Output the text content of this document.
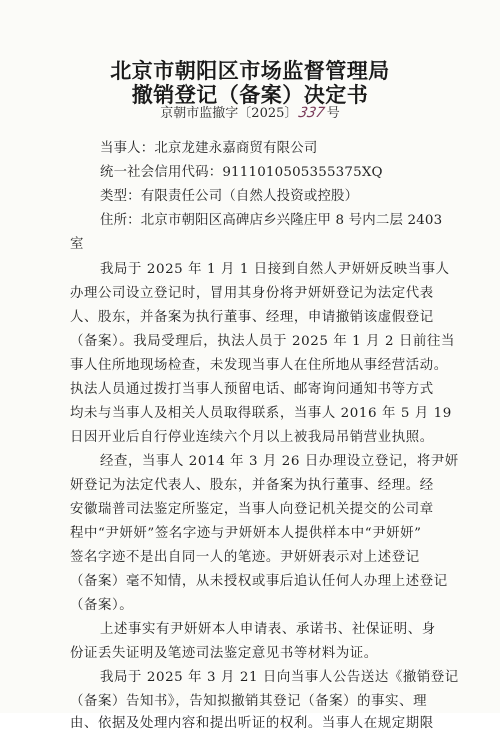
北京市朝阳区市场监督管理局
撤销登记（备案）决定书
京朝市监撤字〔2025〕337号
当事人：北京龙建永嘉商贸有限公司
统一社会信用代码：9111010505355375XQ
类型：有限责任公司（自然人投资或控股）
住所：北京市朝阳区高碑店乡兴隆庄甲 8 号内二层 2403
室
我局于 2025 年 1 月 1 日接到自然人尹妍妍反映当事人
办理公司设立登记时，冒用其身份将尹妍妍登记为法定代表
人、股东，并备案为执行董事、经理，申请撤销该虚假登记
（备案）。我局受理后，执法人员于 2025 年 1 月 2 日前往当
事人住所地现场检查，未发现当事人在住所地从事经营活动。
执法人员通过拨打当事人预留电话、邮寄询问通知书等方式
均未与当事人及相关人员取得联系，当事人 2016 年 5 月 19
日因开业后自行停业连续六个月以上被我局吊销营业执照。
经查，当事人 2014 年 3 月 26 日办理设立登记，将尹妍
妍登记为法定代表人、股东，并备案为执行董事、经理。经
安徽瑞普司法鉴定所鉴定，当事人向登记机关提交的公司章
程中“尹妍妍”签名字迹与尹妍妍本人提供样本中“尹妍妍”
签名字迹不是出自同一人的笔迹。尹妍妍表示对上述登记
（备案）毫不知情，从未授权或事后追认任何人办理上述登记
（备案）。
上述事实有尹妍妍本人申请表、承诺书、社保证明、身
份证丢失证明及笔迹司法鉴定意见书等材料为证。
我局于 2025 年 3 月 21 日向当事人公告送达《撤销登记
（备案）告知书》，告知拟撤销其登记（备案）的事实、理
由、依据及处理内容和提出听证的权利。当事人在规定期限
